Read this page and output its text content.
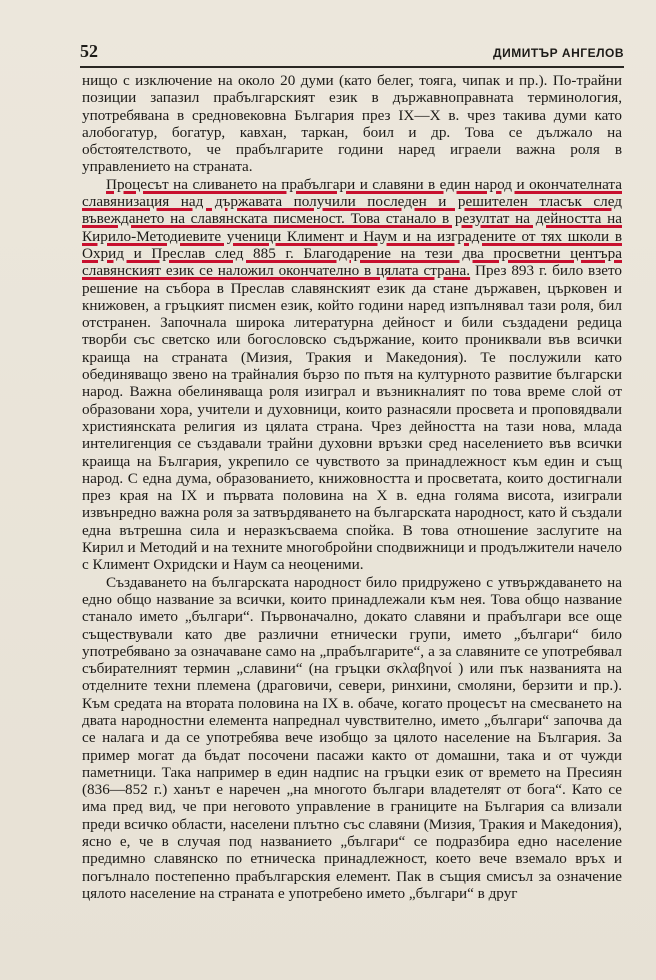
52	ДИМИТЪР АНГЕЛОВ

нищо с изключение на около 20 думи (като белег, тояга, чипак и пр.). По-трайни позиции запазил прабългарският език в държавноправната терминология, употребявана в средновековна България през IX—X в. чрез такива думи като алобогатур, богатур, кавхан, таркан, боил и др. Това се дължало на обстоятелството, че прабългарите години наред играели важна роля в управлението на страната.

Процесът на сливането на прабългари и славяни в един народ и окончателната славянизация над държавата получили последен и решителен тласък след въвеждането на славянската писменост. Това станало в резултат на дейността на Кирило-Методиевите ученици Климент и Наум и на изградените от тях школи в Охрид и Преслав след 885 г. Благодарение на тези два просветни центъра славянският език се наложил окончателно в цялата страна. През 893 г. било взето решение на събора в Преслав славянският език да стане държавен, църковен и книжовен, а гръцкият писмен език, който години наред изпълнявал тази роля, бил отстранен. Започнала широка литературна дейност и били създадени редица творби със светско или богословско съдържание, които прониквали във всички краища на страната (Мизия, Тракия и Македония). Те послужили като обединяващо звено на трайналия бързо по пътя на културното развитие български народ. Важна обелиняваща роля изиграл и възникналият по това време слой от образовани хора, учители и духовници, които разнасяли просвета и проповядвали християнската религия из цялата страна. Чрез дейността на тази нова, млада интелигенция се създавали трайни духовни връзки сред населението във всички краища на България, укрепило се чувството за принадлежност към един и същ народ. С една дума, образованието, книжовността и просветата, които достигнали през края на IX и първата половина на X в. една голяма висота, изиграли извънредно важна роля за затвърдяването на българската народност, като й създали една вътрешна сила и неразкъсваема спойка. В това отношение заслугите на Кирил и Методий и на техните многобройни сподвижници и продължители начело с Климент Охридски и Наум са неоценими.

Създаването на българската народност било придружено с утвърждаването на едно общо название за всички, които принадлежали към нея. Това общо название станало името „българи“. Първоначално, докато славяни и прабългари все още съществували като две различни етнически групи, името „българи“ било употребявано за означаване само на „прабългарите“, а за славяните се употребявал събирателният термин „славини“ (на гръцки σκλαβηνοί ) или пък названията на отделните техни племена (драговичи, севери, ринхини, смоляни, берзити и пр.). Към средата на втората половина на IX в. обаче, когато процесът на смесването на двата народностни елемента напреднал чувствително, името „българи“ започва да се налага и да се употребява вече изобщо за цялото население на България. За пример могат да бъдат посочени пасажи както от домашни, така и от чужди паметници. Така например в един надпис на гръцки език от времето на Пресиян (836—852 г.) ханът е наречен „на многото българи владетелят от бога“. Като се има пред вид, че при неговото управление в границите на България са влизали преди всичко области, населени плътно със славяни (Мизия, Тракия и Македония), ясно е, че в случая под названието „българи“ се подразбира едно население предимно славянско по етническа принадлежност, което вече вземало връх и погълнало постепенно прабългарския елемент. Пак в същия смисъл за означение цялото население на страната е употребено името „българи“ в друг
